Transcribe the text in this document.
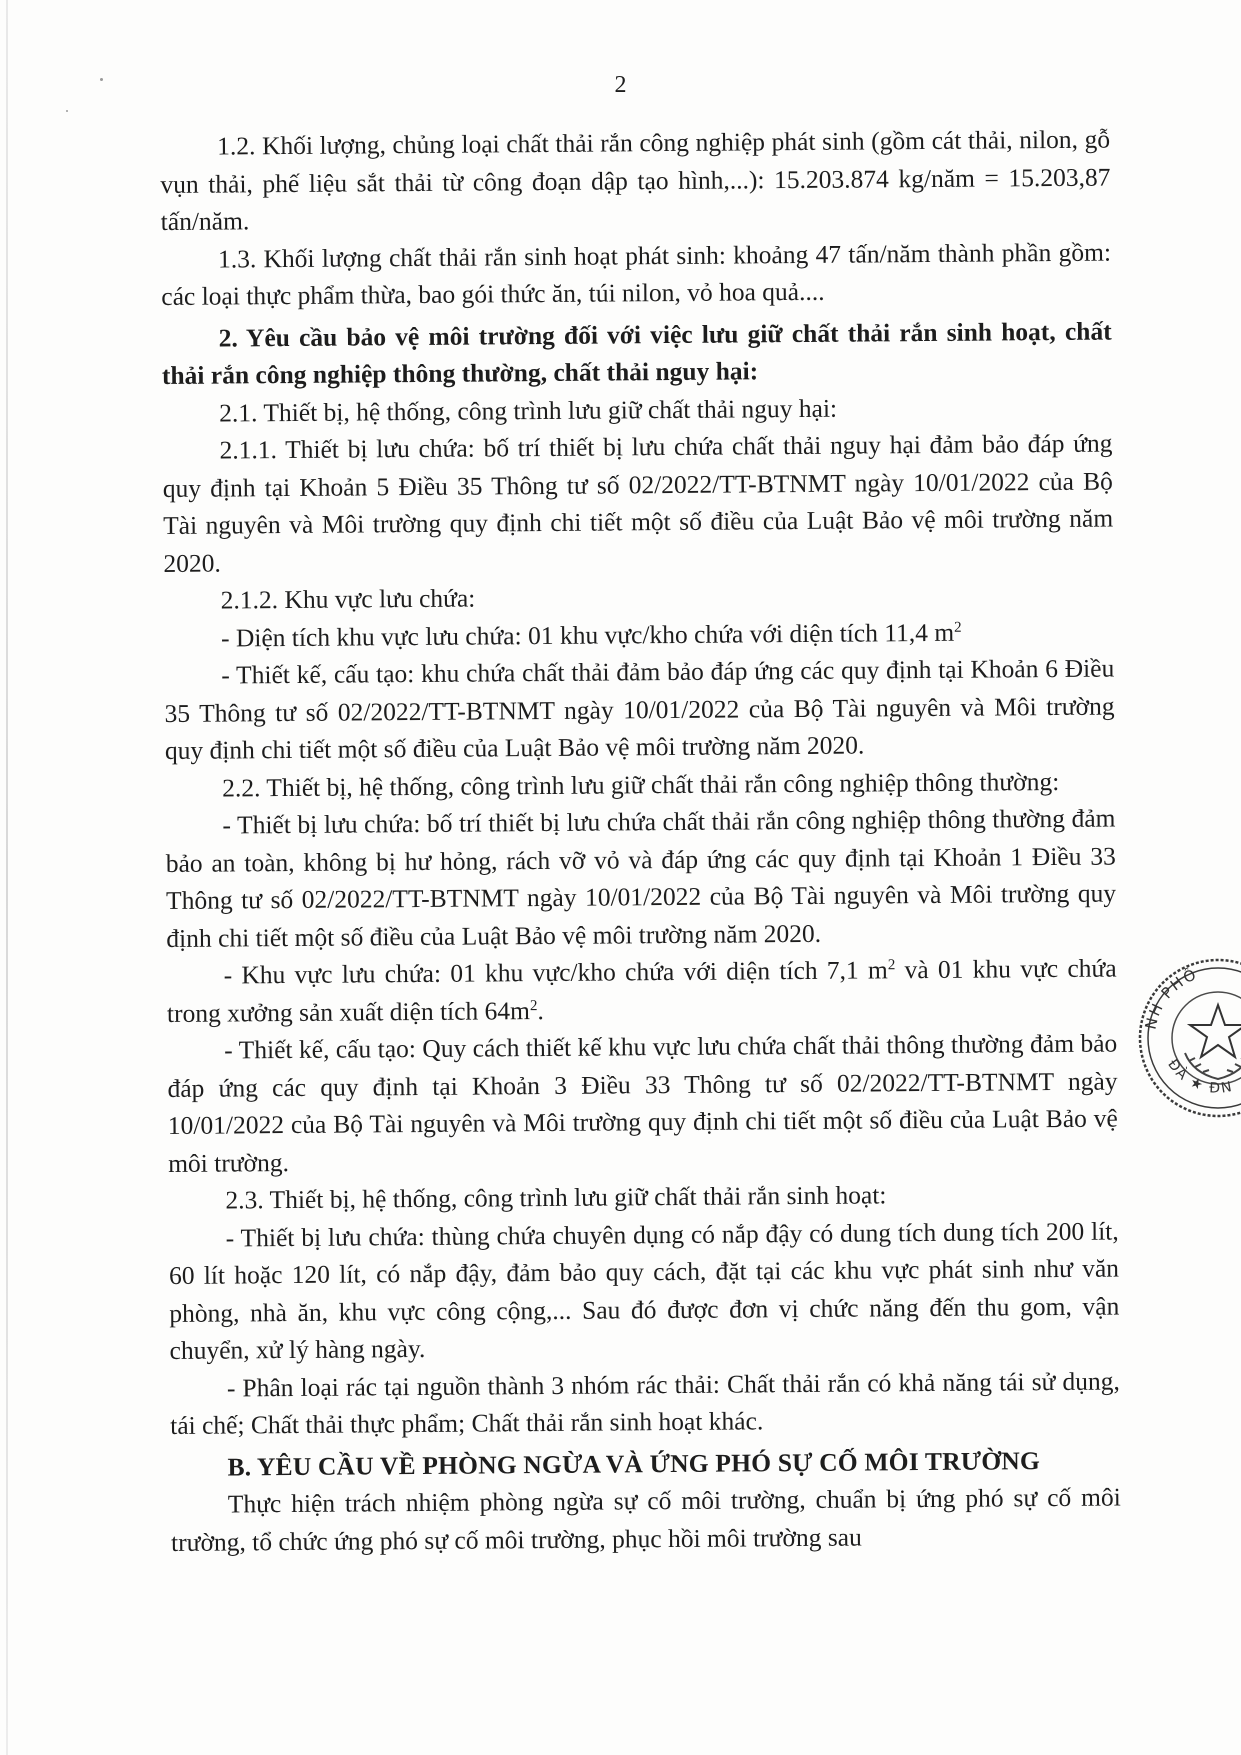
2

1.2. Khối lượng, chủng loại chất thải rắn công nghiệp phát sinh (gồm cát thải, nilon, gỗ vụn thải, phế liệu sắt thải từ công đoạn dập tạo hình,...): 15.203.874 kg/năm = 15.203,87 tấn/năm.

1.3. Khối lượng chất thải rắn sinh hoạt phát sinh: khoảng 47 tấn/năm thành phần gồm: các loại thực phẩm thừa, bao gói thức ăn, túi nilon, vỏ hoa quả....

2. Yêu cầu bảo vệ môi trường đối với việc lưu giữ chất thải rắn sinh hoạt, chất thải rắn công nghiệp thông thường, chất thải nguy hại:

2.1. Thiết bị, hệ thống, công trình lưu giữ chất thải nguy hại:

2.1.1. Thiết bị lưu chứa: bố trí thiết bị lưu chứa chất thải nguy hại đảm bảo đáp ứng quy định tại Khoản 5 Điều 35 Thông tư số 02/2022/TT-BTNMT ngày 10/01/2022 của Bộ Tài nguyên và Môi trường quy định chi tiết một số điều của Luật Bảo vệ môi trường năm 2020.

2.1.2. Khu vực lưu chứa:

- Diện tích khu vực lưu chứa: 01 khu vực/kho chứa với diện tích 11,4 $m^2$

- Thiết kế, cấu tạo: khu chứa chất thải đảm bảo đáp ứng các quy định tại Khoản 6 Điều 35 Thông tư số 02/2022/TT-BTNMT ngày 10/01/2022 của Bộ Tài nguyên và Môi trường quy định chi tiết một số điều của Luật Bảo vệ môi trường năm 2020.

2.2. Thiết bị, hệ thống, công trình lưu giữ chất thải rắn công nghiệp thông thường:

- Thiết bị lưu chứa: bố trí thiết bị lưu chứa chất thải rắn công nghiệp thông thường đảm bảo an toàn, không bị hư hỏng, rách vỡ vỏ và đáp ứng các quy định tại Khoản 1 Điều 33 Thông tư số 02/2022/TT-BTNMT ngày 10/01/2022 của Bộ Tài nguyên và Môi trường quy định chi tiết một số điều của Luật Bảo vệ môi trường năm 2020.

- Khu vực lưu chứa: 01 khu vực/kho chứa với diện tích 7,1 $m^2$ và 01 khu vực chứa trong xưởng sản xuất diện tích $64m^2$.

- Thiết kế, cấu tạo: Quy cách thiết kế khu vực lưu chứa chất thải thông thường đảm bảo đáp ứng các quy định tại Khoản 3 Điều 33 Thông tư số 02/2022/TT-BTNMT ngày 10/01/2022 của Bộ Tài nguyên và Môi trường quy định chi tiết một số điều của Luật Bảo vệ môi trường.

2.3. Thiết bị, hệ thống, công trình lưu giữ chất thải rắn sinh hoạt:

- Thiết bị lưu chứa: thùng chứa chuyên dụng có nắp đậy có dung tích dung tích 200 lít, 60 lít hoặc 120 lít, có nắp đậy, đảm bảo quy cách, đặt tại các khu vực phát sinh như văn phòng, nhà ăn, khu vực công cộng,... Sau đó được đơn vị chức năng đến thu gom, vận chuyển, xử lý hàng ngày.

- Phân loại rác tại nguồn thành 3 nhóm rác thải: Chất thải rắn có khả năng tái sử dụng, tái chế; Chất thải thực phẩm; Chất thải rắn sinh hoạt khác.

B. YÊU CẦU VỀ PHÒNG NGỪA VÀ ỨNG PHÓ SỰ CỐ MÔI TRƯỜNG

Thực hiện trách nhiệm phòng ngừa sự cố môi trường, chuẩn bị ứng phó sự cố môi trường, tổ chức ứng phó sự cố môi trường, phục hồi môi trường sau

NH PHỐ
ĐÀ ★ ĐN
